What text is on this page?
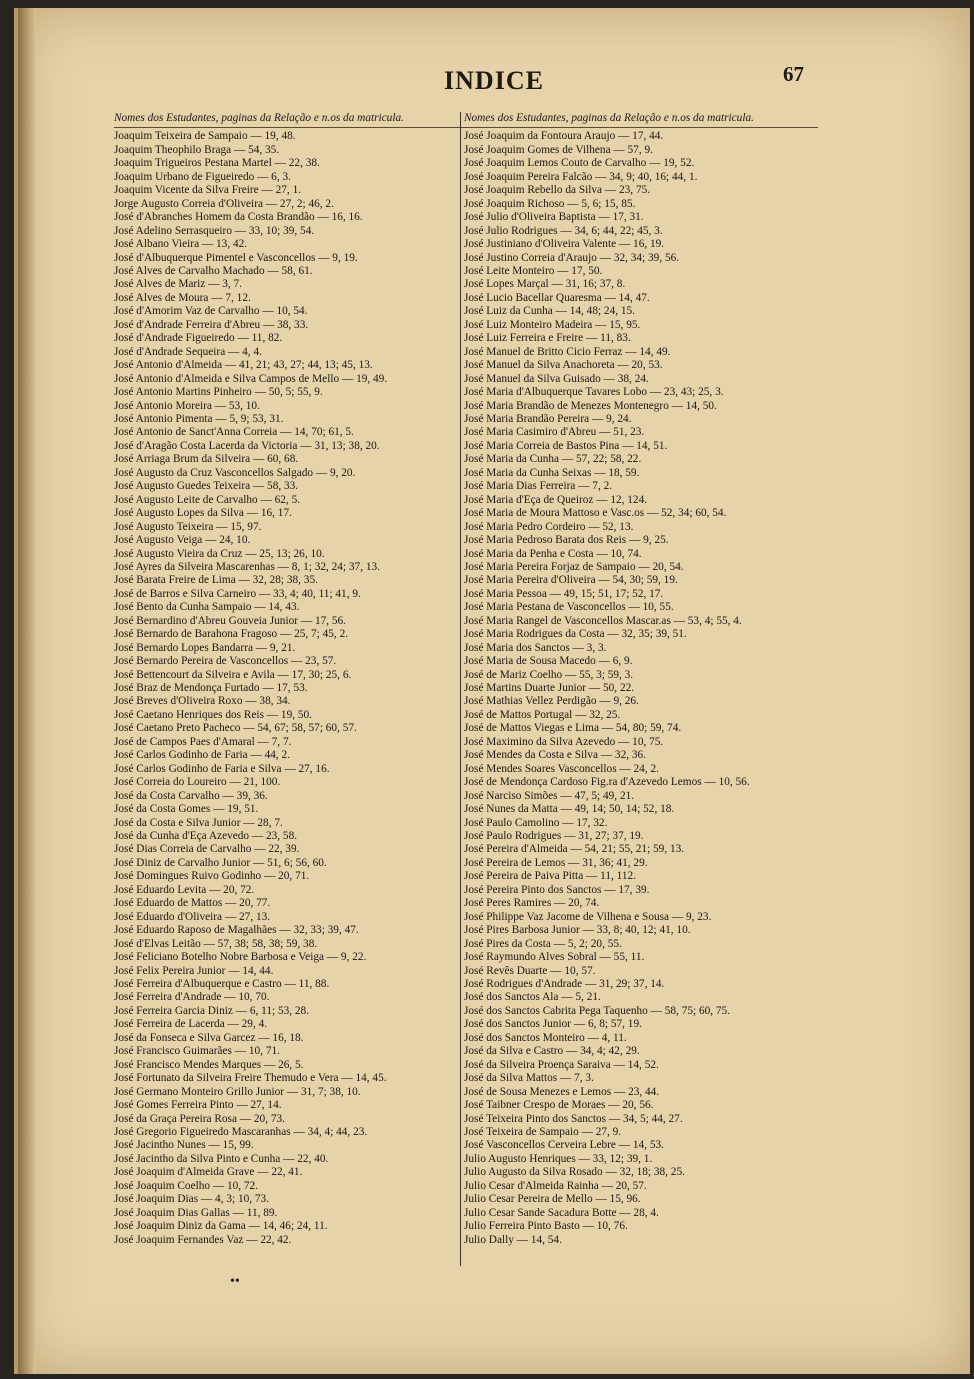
INDICE	67
Nomes dos Estudantes, paginas da Relação e n.os da matricula.
Joaquim Teixeira de Sampaio — 19, 48.
Joaquim Theophilo Braga — 54, 35.
Joaquim Trigueiros Pestana Martel — 22, 38.
Joaquim Urbano de Figueiredo — 6, 3.
Joaquim Vicente da Silva Freire — 27, 1.
Jorge Augusto Correia d'Oliveira — 27, 2; 46, 2.
José d'Abranches Homem da Costa Brandão — 16, 16.
José Adelino Serrasqueiro — 33, 10; 39, 54.
José Albano Vieira — 13, 42.
José d'Albuquerque Pimentel e Vasconcellos — 9, 19.
José Alves de Carvalho Machado — 58, 61.
José Alves de Mariz — 3, 7.
José Alves de Moura — 7, 12.
José d'Amorim Vaz de Carvalho — 10, 54.
José d'Andrade Ferreira d'Abreu — 38, 33.
José d'Andrade Figueiredo — 11, 82.
José d'Andrade Sequeira — 4, 4.
José Antonio d'Almeida — 41, 21; 43, 27; 44, 13; 45, 13.
José Antonio d'Almeida e Silva Campos de Mello — 19, 49.
José Antonio Martins Pinheiro — 50, 5; 55, 9.
José Antonio Moreira — 53, 10.
José Antonio Pimenta — 5, 9; 53, 31.
José Antonio de Sanct'Anna Correia — 14, 70; 61, 5.
José d'Aragão Costa Lacerda da Victoria — 31, 13; 38, 20.
José Arriaga Brum da Silveira — 60, 68.
José Augusto da Cruz Vasconcellos Salgado — 9, 20.
José Augusto Guedes Teixeira — 58, 33.
José Augusto Leite de Carvalho — 62, 5.
José Augusto Lopes da Silva — 16, 17.
José Augusto Teixeira — 15, 97.
José Augusto Veiga — 24, 10.
José Augusto Vieira da Cruz — 25, 13; 26, 10.
José Ayres da Silveira Mascarenhas — 8, 1; 32, 24; 37, 13.
José Barata Freire de Lima — 32, 28; 38, 35.
José de Barros e Silva Carneiro — 33, 4; 40, 11; 41, 9.
José Bento da Cunha Sampaio — 14, 43.
José Bernardino d'Abreu Gouveia Junior — 17, 56.
José Bernardo de Barahona Fragoso — 25, 7; 45, 2.
José Bernardo Lopes Bandarra — 9, 21.
José Bernardo Pereira de Vasconcellos — 23, 57.
José Bettencourt da Silveira e Avila — 17, 30; 25, 6.
José Braz de Mendonça Furtado — 17, 53.
José Breves d'Oliveira Roxo — 38, 34.
José Caetano Henriques dos Reis — 19, 50.
José Caetano Preto Pacheco — 54, 67; 58, 57; 60, 57.
José de Campos Paes d'Amaral — 7, 7.
José Carlos Godinho de Faria — 44, 2.
José Carlos Godinho de Faria e Silva — 27, 16.
José Correia do Loureiro — 21, 100.
José da Costa Carvalho — 39, 36.
José da Costa Gomes — 19, 51.
José da Costa e Silva Junior — 28, 7.
José da Cunha d'Eça Azevedo — 23, 58.
José Dias Correia de Carvalho — 22, 39.
José Diniz de Carvalho Junior — 51, 6; 56, 60.
José Domingues Ruivo Godinho — 20, 71.
José Eduardo Levita — 20, 72.
José Eduardo de Mattos — 20, 77.
José Eduardo d'Oliveira — 27, 13.
José Eduardo Raposo de Magalhães — 32, 33; 39, 47.
José d'Elvas Leitão — 57, 38; 58, 38; 59, 38.
José Feliciano Botelho Nobre Barbosa e Veiga — 9, 22.
José Felix Pereira Junior — 14, 44.
José Ferreira d'Albuquerque e Castro — 11, 88.
José Ferreira d'Andrade — 10, 70.
José Ferreira Garcia Diniz — 6, 11; 53, 28.
José Ferreira de Lacerda — 29, 4.
José da Fonseca e Silva Garcez — 16, 18.
José Francisco Guimarães — 10, 71.
José Francisco Mendes Marques — 26, 5.
José Fortunato da Silveira Freire Themudo e Vera — 14, 45.
José Germano Monteiro Grillo Junior — 31, 7; 38, 10.
José Gomes Ferreira Pinto — 27, 14.
José da Graça Pereira Rosa — 20, 73.
José Gregorio Figueiredo Mascaranhas — 34, 4; 44, 23.
José Jacintho Nunes — 15, 99.
José Jacintho da Silva Pinto e Cunha — 22, 40.
José Joaquim d'Almeida Grave — 22, 41.
José Joaquim Coelho — 10, 72.
José Joaquim Dias — 4, 3; 10, 73.
José Joaquim Dias Gallas — 11, 89.
José Joaquim Diniz da Gama — 14, 46; 24, 11.
José Joaquim Fernandes Vaz — 22, 42.
Nomes dos Estudantes, paginas da Relação e n.os da matricula.
José Joaquim da Fontoura Araujo — 17, 44.
José Joaquim Gomes de Vilhena — 57, 9.
José Joaquim Lemos Couto de Carvalho — 19, 52.
José Joaquim Pereira Falcão — 34, 9; 40, 16; 44, 1.
José Joaquim Rebello da Silva — 23, 75.
José Joaquim Richoso — 5, 6; 15, 85.
José Julio d'Oliveira Baptista — 17, 31.
José Julio Rodrigues — 34, 6; 44, 22; 45, 3.
José Justiniano d'Oliveira Valente — 16, 19.
José Justino Correia d'Araujo — 32, 34; 39, 56.
José Leite Monteiro — 17, 50.
José Lopes Marçal — 31, 16; 37, 8.
José Lucio Bacellar Quaresma — 14, 47.
José Luiz da Cunha — 14, 48; 24, 15.
José Luiz Monteiro Madeira — 15, 95.
José Luiz Ferreira e Freire — 11, 83.
José Manuel de Britto Cicio Ferraz — 14, 49.
José Manuel da Silva Anachoreta — 20, 53.
José Manuel da Silva Guisado — 38, 24.
José Maria d'Albuquerque Tavares Lobo — 23, 43; 25, 3.
José Maria Brandão de Menezes Montenegro — 14, 50.
José Maria Brandão Pereira — 9, 24.
José Maria Casimiro d'Abreu — 51, 23.
José Maria Correia de Bastos Pina — 14, 51.
José Maria da Cunha — 57, 22; 58, 22.
José Maria da Cunha Seixas — 18, 59.
José Maria Dias Ferreira — 7, 2.
José Maria d'Eça de Queiroz — 12, 124.
José Maria de Moura Mattoso e Vasc.os — 52, 34; 60, 54.
José Maria Pedro Cordeiro — 52, 13.
José Maria Pedroso Barata dos Reis — 9, 25.
José Maria da Penha e Costa — 10, 74.
José Maria Pereira Forjaz de Sampaio — 20, 54.
José Maria Pereira d'Oliveira — 54, 30; 59, 19.
José Maria Pessoa — 49, 15; 51, 17; 52, 17.
José Maria Pestana de Vasconcellos — 10, 55.
José Maria Rangel de Vasconcellos Mascar.as — 53, 4; 55, 4.
José Maria Rodrigues da Costa — 32, 35; 39, 51.
José Maria dos Sanctos — 3, 3.
José Maria de Sousa Macedo — 6, 9.
José de Mariz Coelho — 55, 3; 59, 3.
José Martins Duarte Junior — 50, 22.
José Mathias Vellez Perdigão — 9, 26.
José de Mattos Portugal — 32, 25.
José de Mattos Viegas e Lima — 54, 80; 59, 74.
José Maximino da Silva Azevedo — 10, 75.
José Mendes da Costa e Silva — 32, 36.
José Mendes Soares Vasconcellos — 24, 2.
José de Mendonça Cardoso Fig.ra d'Azevedo Lemos — 10, 56.
José Narciso Simões — 47, 5; 49, 21.
José Nunes da Matta — 49, 14; 50, 14; 52, 18.
José Paulo Camolino — 17, 32.
José Paulo Rodrigues — 31, 27; 37, 19.
José Pereira d'Almeida — 54, 21; 55, 21; 59, 13.
José Pereira de Lemos — 31, 36; 41, 29.
José Pereira de Paiva Pitta — 11, 112.
José Pereira Pinto dos Sanctos — 17, 39.
José Peres Ramires — 20, 74.
José Philippe Vaz Jacome de Vilhena e Sousa — 9, 23.
José Pires Barbosa Junior — 33, 8; 40, 12; 41, 10.
José Pires da Costa — 5, 2; 20, 55.
José Raymundo Alves Sobral — 55, 11.
José Revês Duarte — 10, 57.
José Rodrigues d'Andrade — 31, 29; 37, 14.
José dos Sanctos Ala — 5, 21.
José dos Sanctos Cabrita Pega Taquenho — 58, 75; 60, 75.
José dos Sanctos Junior — 6, 8; 57, 19.
José dos Sanctos Monteiro — 4, 11.
José da Silva e Castro — 34, 4; 42, 29.
José da Silveira Proença Saraiva — 14, 52.
José da Silva Mattos — 7, 3.
José de Sousa Menezes e Lemos — 23, 44.
José Taibner Crespo de Moraes — 20, 56.
José Teixeira Pinto dos Sanctos — 34, 5; 44, 27.
José Teixeira de Sampaio — 27, 9.
José Vasconcellos Cerveira Lebre — 14, 53.
Julio Augusto Henriques — 33, 12; 39, 1.
Julio Augusto da Silva Rosado — 32, 18; 38, 25.
Julio Cesar d'Almeida Rainha — 20, 57.
Julio Cesar Pereira de Mello — 15, 96.
Julio Cesar Sande Sacadura Botte — 28, 4.
Julio Ferreira Pinto Basto — 10, 76.
Julio Dally — 14, 54.
••
